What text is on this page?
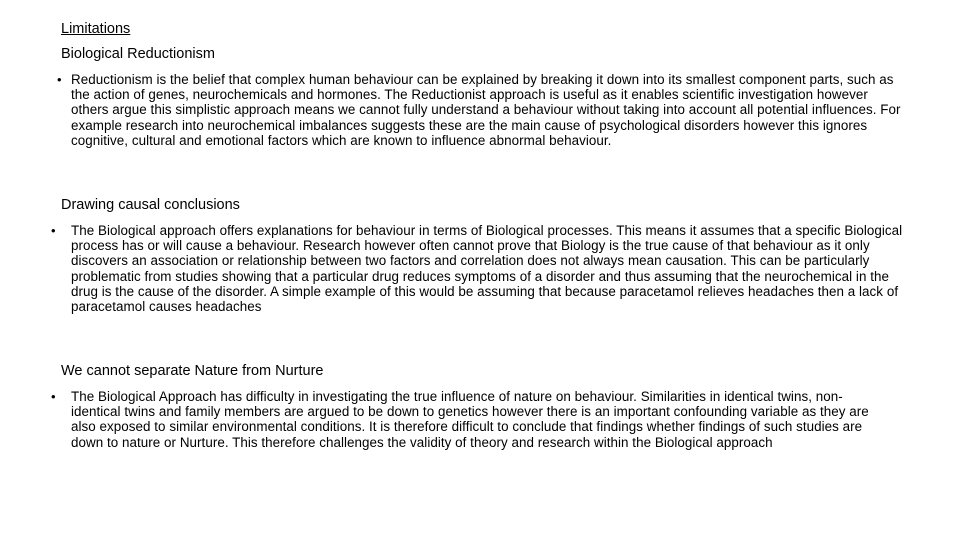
Limitations
Biological Reductionism
• Reductionism is the belief that complex human behaviour can be explained by breaking it down into its smallest component parts, such as the action of genes, neurochemicals and hormones. The Reductionist approach is useful as it enables scientific investigation however others argue this simplistic approach means we cannot fully understand a behaviour without taking into account all potential influences. For example research into neurochemical imbalances suggests these are the main cause of psychological disorders however this ignores cognitive, cultural and emotional factors which are known to influence abnormal behaviour.
Drawing causal conclusions
• The Biological approach offers explanations for behaviour in terms of Biological processes. This means it assumes that a specific Biological process has or will cause a behaviour. Research however often cannot prove that Biology is the true cause of that behaviour as it only discovers an association or relationship between two factors and correlation does not always mean causation. This can be particularly problematic from studies showing that a particular drug reduces symptoms of a disorder and thus assuming that the neurochemical in the drug is the cause of the disorder. A simple example of this would be assuming that because paracetamol relieves headaches then a lack of paracetamol causes headaches
We cannot separate Nature from Nurture
• The Biological Approach has difficulty in investigating the true influence of nature on behaviour. Similarities in identical twins, non-identical twins and family members are argued to be down to genetics however there is an important confounding variable as they are also exposed to similar environmental conditions. It is therefore difficult to conclude that findings whether findings of such studies are down to nature or Nurture. This therefore challenges the validity of theory and research within the Biological approach
